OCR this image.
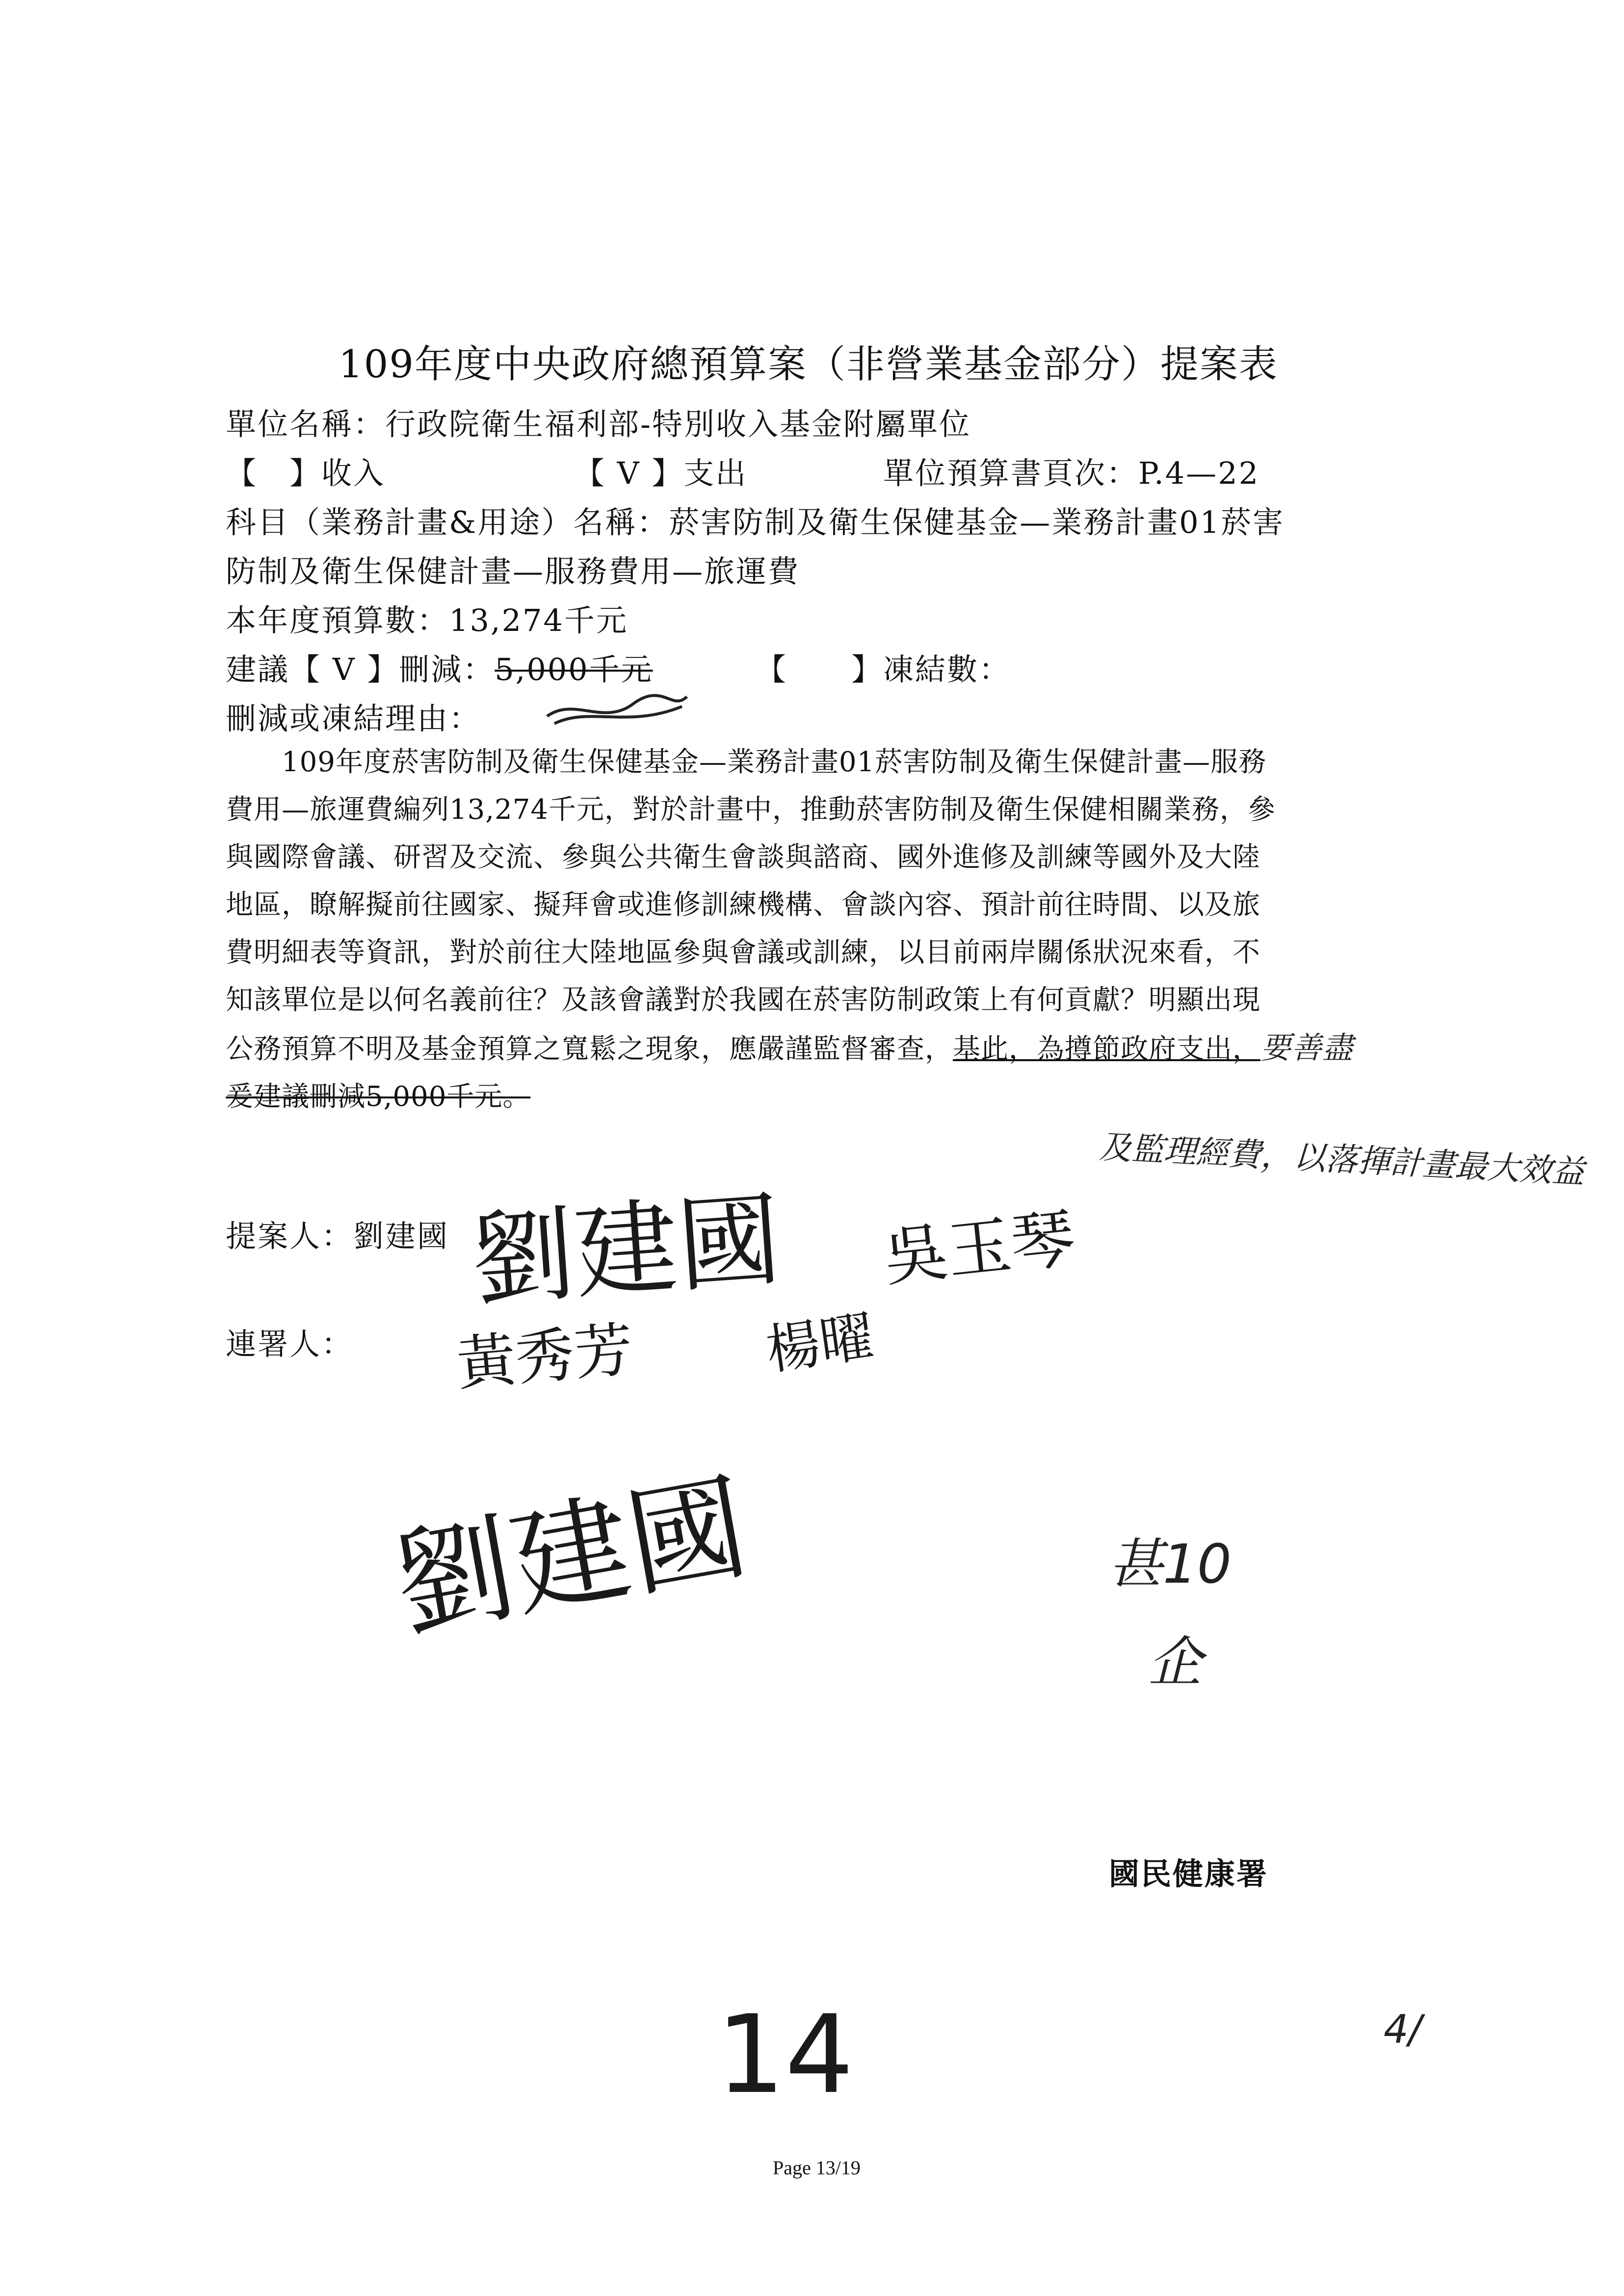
109年度中央政府總預算案（非營業基金部分）提案表
單位名稱：行政院衛生福利部-特別收入基金附屬單位
【　】收入	【 V 】支出	單位預算書頁次：P.4—22
科目（業務計畫&用途）名稱：菸害防制及衛生保健基金—業務計畫01菸害
防制及衛生保健計畫—服務費用—旅運費
本年度預算數：13,274千元
建議【 V 】刪減：5,000千元	【　　】凍結數：
刪減或凍結理由：

　　109年度菸害防制及衛生保健基金—業務計畫01菸害防制及衛生保健計畫—服務

費用—旅運費編列13,274千元，對於計畫中，推動菸害防制及衛生保健相關業務，參

與國際會議、研習及交流、參與公共衛生會談與諮商、國外進修及訓練等國外及大陸

地區，瞭解擬前往國家、擬拜會或進修訓練機構、會談內容、預計前往時間、以及旅

費明細表等資訊，對於前往大陸地區參與會議或訓練，以目前兩岸關係狀況來看，不

知該單位是以何名義前往？及該會議對於我國在菸害防制政策上有何貢獻？明顯出現

公務預算不明及基金預算之寬鬆之現象，應嚴謹監督審查，基此，為撙節政府支出，要善盡

爰建議刪減5,000千元。

及監理經費，以落揮計畫最大效益
提案人：劉建國 劉建國 吳玉琴
連署人： 黃秀芳 楊曜
劉建國	甚10
企
國民健康署
14	4/
Page 13/19
